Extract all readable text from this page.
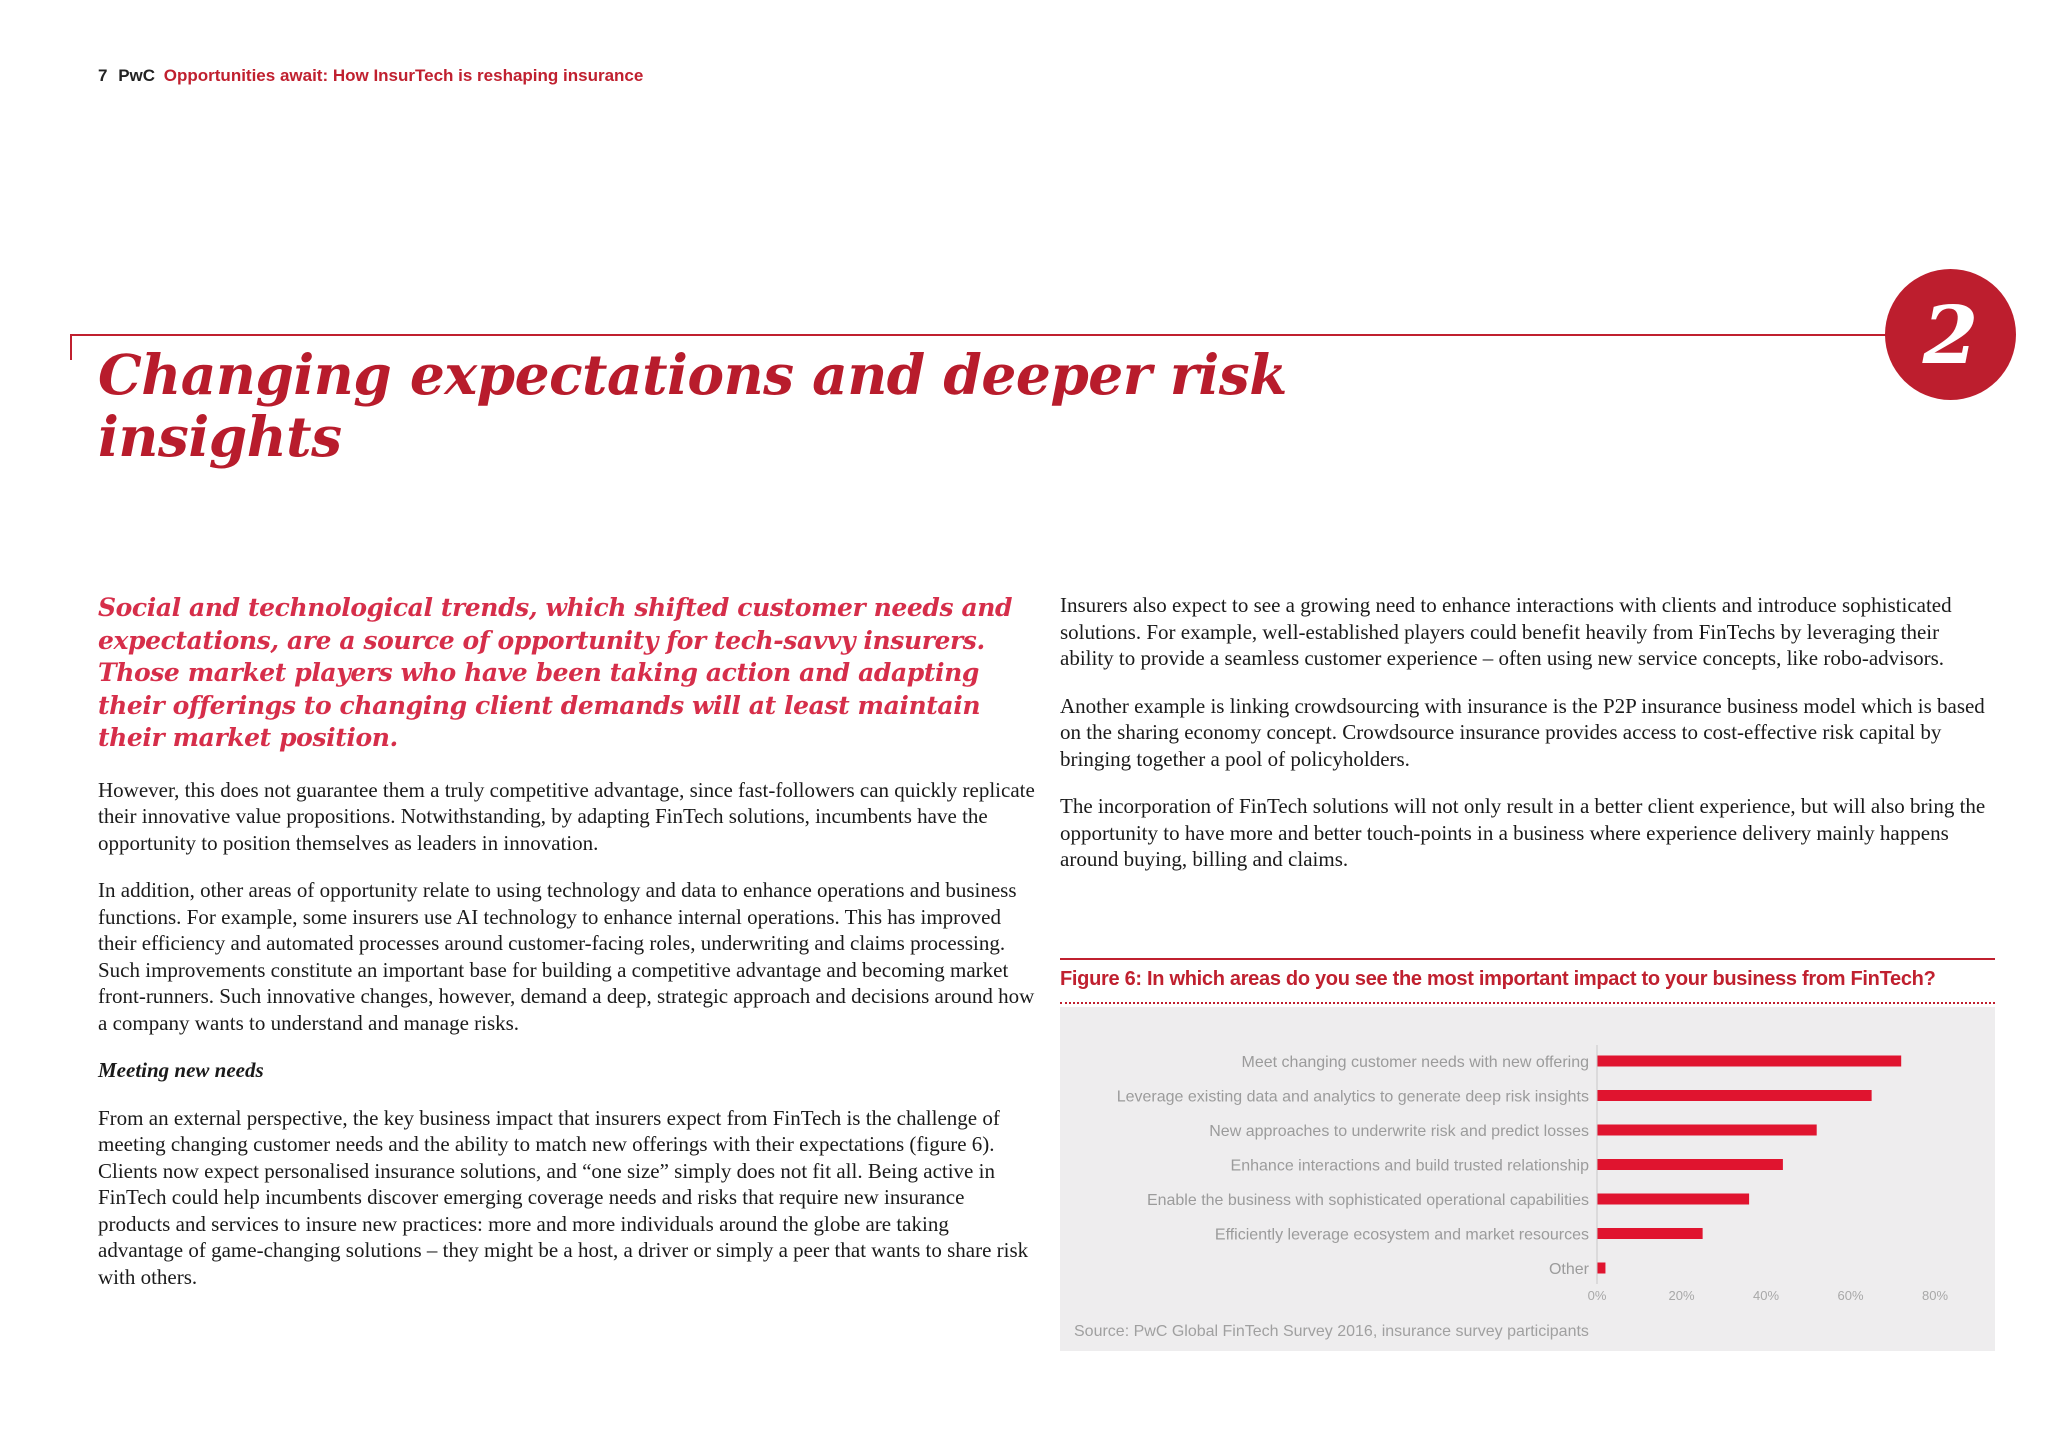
7 PwC Opportunities await: How InsurTech is reshaping insurance
2
Changing expectations and deeper risk insights

Social and technological trends, which shifted customer needs and expectations, are a source of opportunity for tech-savvy insurers. Those market players who have been taking action and adapting their offerings to changing client demands will at least maintain their market position.

However, this does not guarantee them a truly competitive advantage, since fast-followers can quickly replicate their innovative value propositions. Notwithstanding, by adapting FinTech solutions, incumbents have the opportunity to position themselves as leaders in innovation.

In addition, other areas of opportunity relate to using technology and data to enhance operations and business functions. For example, some insurers use AI technology to enhance internal operations. This has improved their efficiency and automated processes around customer-facing roles, underwriting and claims processing. Such improvements constitute an important base for building a competitive advantage and becoming market front-runners. Such innovative changes, however, demand a deep, strategic approach and decisions around how a company wants to understand and manage risks.

Meeting new needs

From an external perspective, the key business impact that insurers expect from FinTech is the challenge of meeting changing customer needs and the ability to match new offerings with their expectations (figure 6). Clients now expect personalised insurance solutions, and “one size” simply does not fit all. Being active in FinTech could help incumbents discover emerging coverage needs and risks that require new insurance products and services to insure new practices: more and more individuals around the globe are taking advantage of game-changing solutions – they might be a host, a driver or simply a peer that wants to share risk with others.

Insurers also expect to see a growing need to enhance interactions with clients and introduce sophisticated solutions. For example, well-established players could benefit heavily from FinTechs by leveraging their ability to provide a seamless customer experience – often using new service concepts, like robo-advisors.

Another example is linking crowdsourcing with insurance is the P2P insurance business model which is based on the sharing economy concept. Crowdsource insurance provides access to cost-effective risk capital by bringing together a pool of policyholders.

The incorporation of FinTech solutions will not only result in a better client experience, but will also bring the opportunity to have more and better touch-points in a business where experience delivery mainly happens around buying, billing and claims.

Figure 6: In which areas do you see the most important impact to your business from FinTech?
Meet changing customer needs with new offering
Leverage existing data and analytics to generate deep risk insights
New approaches to underwrite risk and predict losses
Enhance interactions and build trusted relationship
Enable the business with sophisticated operational capabilities
Efficiently leverage ecosystem and market resources
Other
0%	20%	40%	60%	80%
Source: PwC Global FinTech Survey 2016, insurance survey participants
